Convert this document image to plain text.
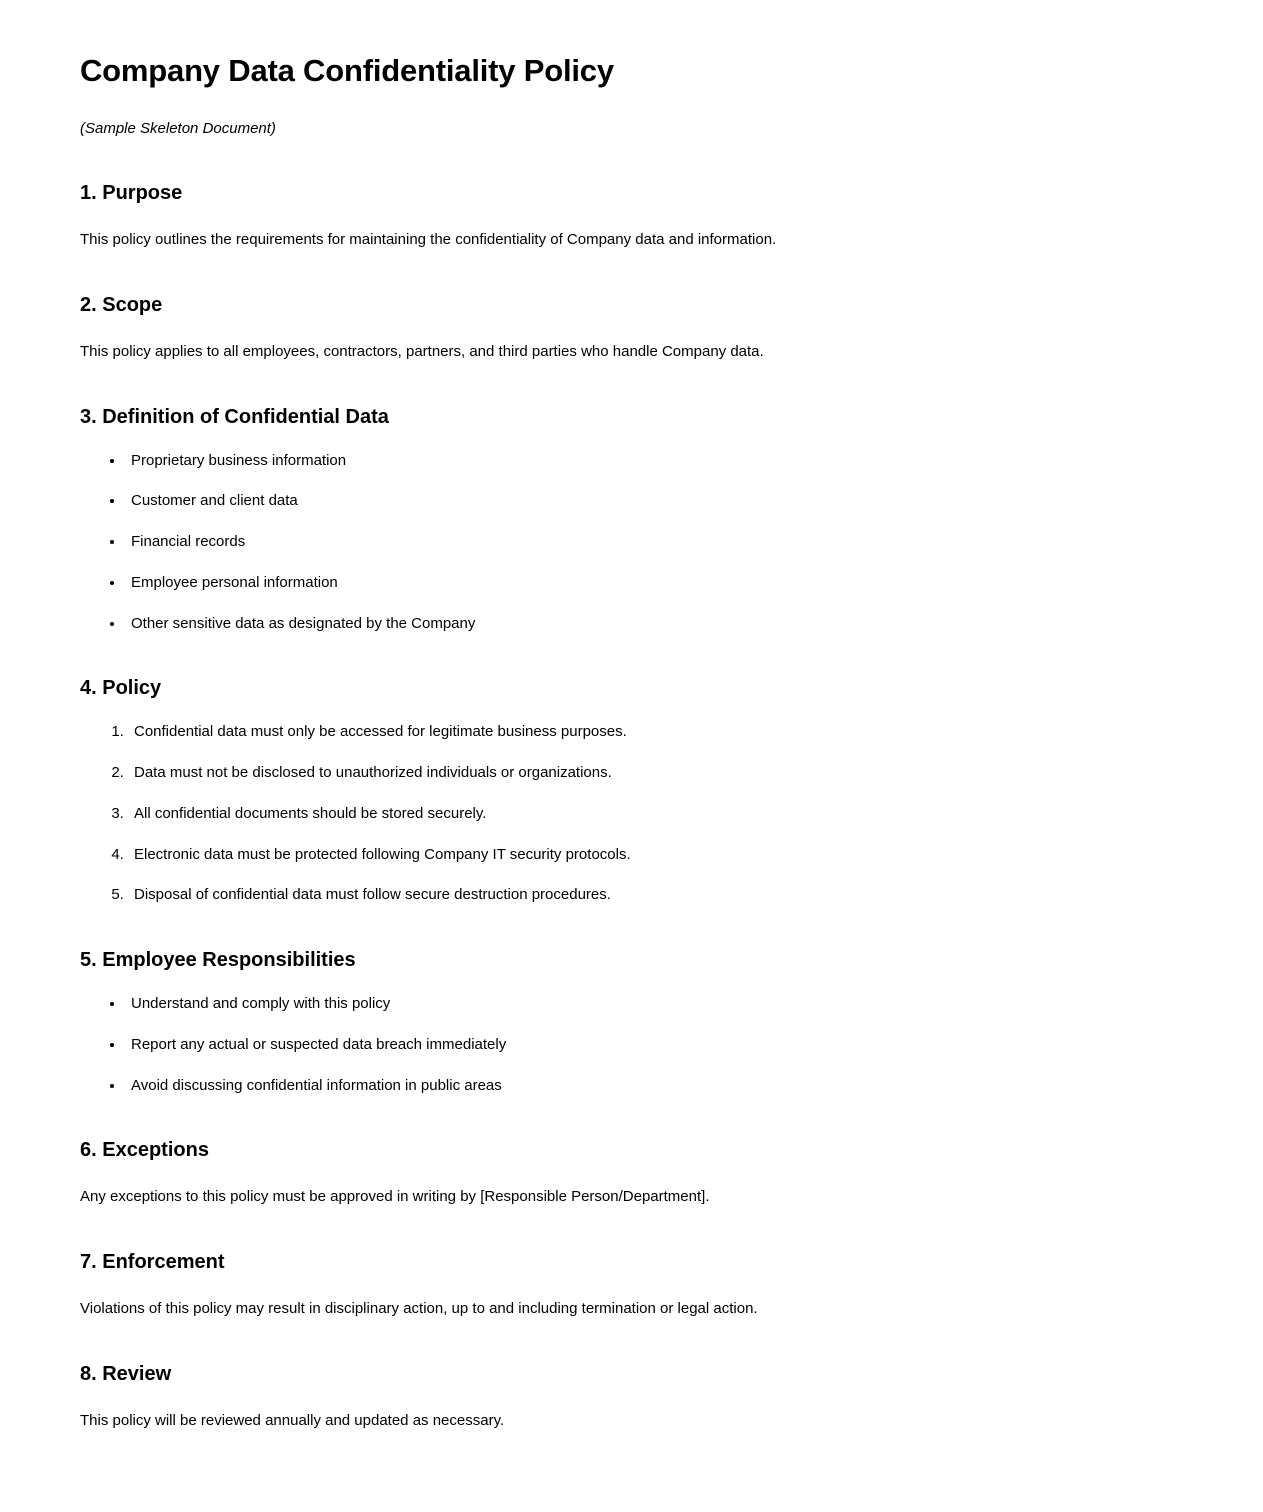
Company Data Confidentiality Policy

(Sample Skeleton Document)

1. Purpose

This policy outlines the requirements for maintaining the confidentiality of Company data and information.

2. Scope

This policy applies to all employees, contractors, partners, and third parties who handle Company data.

3. Definition of Confidential Data
• Proprietary business information
• Customer and client data
• Financial records
• Employee personal information
• Other sensitive data as designated by the Company
4. Policy
1. Confidential data must only be accessed for legitimate business purposes.
2. Data must not be disclosed to unauthorized individuals or organizations.
3. All confidential documents should be stored securely.
4. Electronic data must be protected following Company IT security protocols.
5. Disposal of confidential data must follow secure destruction procedures.
5. Employee Responsibilities
• Understand and comply with this policy
• Report any actual or suspected data breach immediately
• Avoid discussing confidential information in public areas
6. Exceptions

Any exceptions to this policy must be approved in writing by [Responsible Person/Department].

7. Enforcement

Violations of this policy may result in disciplinary action, up to and including termination or legal action.

8. Review

This policy will be reviewed annually and updated as necessary.
